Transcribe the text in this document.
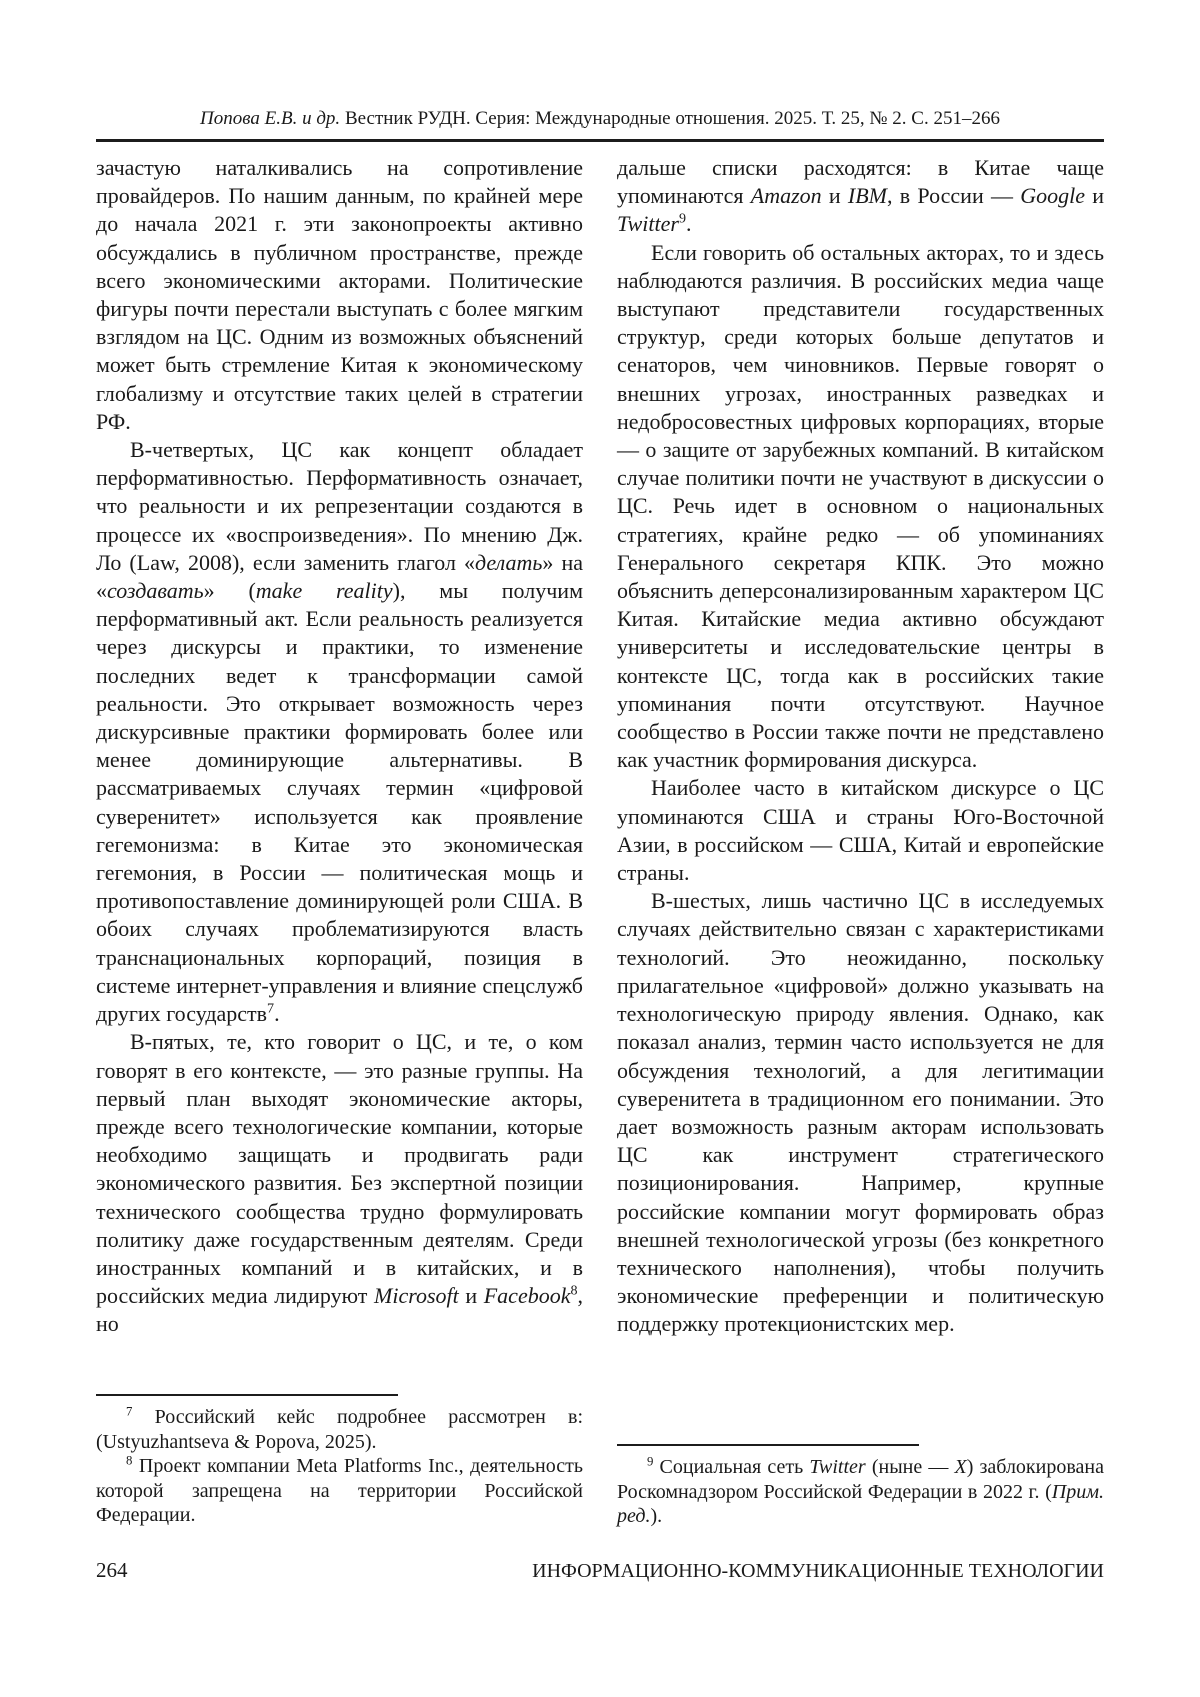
Попова Е.В. и др. Вестник РУДН. Серия: Международные отношения. 2025. Т. 25, № 2. С. 251–266

зачастую наталкивались на сопротивление провайдеров. По нашим данным, по крайней мере до начала 2021 г. эти законопроекты активно обсуждались в публичном пространстве, прежде всего экономическими акторами. Политические фигуры почти перестали выступать с более мягким взглядом на ЦС. Одним из возможных объяснений может быть стремление Китая к экономическому глобализму и отсутствие таких целей в стратегии РФ.

В-четвертых, ЦС как концепт обладает перформативностью. Перформативность означает, что реальности и их репрезентации создаются в процессе их «воспроизведения». По мнению Дж. Ло (Law, 2008), если заменить глагол «делать» на «создавать» (make reality), мы получим перформативный акт. Если реальность реализуется через дискурсы и практики, то изменение последних ведет к трансформации самой реальности. Это открывает возможность через дискурсивные практики формировать более или менее доминирующие альтернативы. В рассматриваемых случаях термин «цифровой суверенитет» используется как проявление гегемонизма: в Китае это экономическая гегемония, в России — политическая мощь и противопоставление доминирующей роли США. В обоих случаях проблематизируются власть транснациональных корпораций, позиция в системе интернет-управления и влияние спецслужб других государств$^7$.

В-пятых, те, кто говорит о ЦС, и те, о ком говорят в его контексте, — это разные группы. На первый план выходят экономические акторы, прежде всего технологические компании, которые необходимо защищать и продвигать ради экономического развития. Без экспертной позиции технического сообщества трудно формулировать политику даже государственным деятелям. Среди иностранных компаний и в китайских, и в российских медиа лидируют Microsoft и Facebook$^8$, но

дальше списки расходятся: в Китае чаще упоминаются Amazon и IBM, в России — Google и Twitter$^9$.

Если говорить об остальных акторах, то и здесь наблюдаются различия. В российских медиа чаще выступают представители государственных структур, среди которых больше депутатов и сенаторов, чем чиновников. Первые говорят о внешних угрозах, иностранных разведках и недобросовестных цифровых корпорациях, вторые — о защите от зарубежных компаний. В китайском случае политики почти не участвуют в дискуссии о ЦС. Речь идет в основном о национальных стратегиях, крайне редко — об упоминаниях Генерального секретаря КПК. Это можно объяснить деперсонализированным характером ЦС Китая. Китайские медиа активно обсуждают университеты и исследовательские центры в контексте ЦС, тогда как в российских такие упоминания почти отсутствуют. Научное сообщество в России также почти не представлено как участник формирования дискурса.

Наиболее часто в китайском дискурсе о ЦС упоминаются США и страны Юго-Восточной Азии, в российском — США, Китай и европейские страны.

В-шестых, лишь частично ЦС в исследуемых случаях действительно связан с характеристиками технологий. Это неожиданно, поскольку прилагательное «цифровой» должно указывать на технологическую природу явления. Однако, как показал анализ, термин часто используется не для обсуждения технологий, а для легитимации суверенитета в традиционном его понимании. Это дает возможность разным акторам использовать ЦС как инструмент стратегического позиционирования. Например, крупные российские компании могут формировать образ внешней технологической угрозы (без конкретного технического наполнения), чтобы получить экономические преференции и политическую поддержку протекционистских мер.

$^7$ Российский кейс подробнее рассмотрен в: (Ustyuzhantseva & Popova, 2025).

$^8$ Проект компании Meta Platforms Inc., деятельность которой запрещена на территории Российской Федерации.

$^9$ Социальная сеть Twitter (ныне — X) заблокирована Роскомнадзором Российской Федерации в 2022 г. (Прим. ред.).

264	ИНФОРМАЦИОННО-КОММУНИКАЦИОННЫЕ ТЕХНОЛОГИИ
